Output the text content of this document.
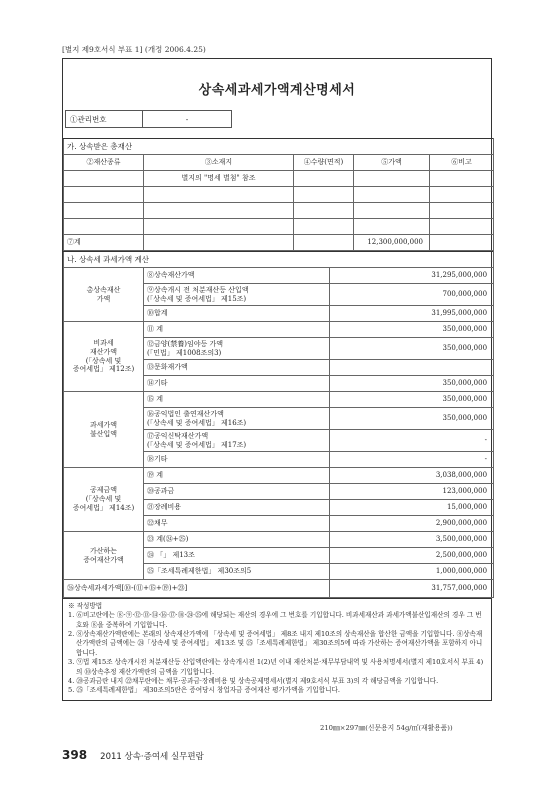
[별지 제9호서식 부표 1] (개정 2006.4.25)
상속세과세가액계산명세서
①관리번호	-	
가. 상속받은 총재산				
②재산종류	③소재지	④수량(면적)	⑤가액	⑥비고
	별지의 "명세 별첨" 참조			

⑦계			12,300,000,000	
나. 상속세 과세가액 계산		
총상속재산
가액	⑧상속재산가액	31,295,000,000
	⑨상속개시 전 처분재산등 산입액
(「상속세 및 증여세법」 제15조)	700,000,000
	⑩합계	31,995,000,000
비과세
재산가액
(「상속세 및
증여세법」 제12조)	⑪ 계	350,000,000
	⑫금양(禁養)임야등 가액
(「민법」 제1008조의3)	350,000,000
	⑬문화재가액	
	⑭기타	350,000,000
과세가액
불산입액	⑮ 계	350,000,000
	⑯공익법인 출연재산가액
(「상속세 및 증여세법」 제16조)	350,000,000
	⑰공익신탁재산가액
(「상속세 및 증여세법」 제17조)	-
	⑱기타	-
공제금액
(「상속세 및
증여세법」 제14조)	⑲ 계	3,038,000,000
	⑳공과금	123,000,000
	㉑장례비용	15,000,000
	㉒채무	2,900,000,000
가산하는
증여재산가액	㉓ 계(㉔+㉕)	3,500,000,000
	㉔ 「」 제13조	2,500,000,000
	㉕「조세특례제한법」 제30조의5	1,000,000,000
㉖상속세과세가액[⑩-(⑪+⑮+⑲)+㉓]		31,757,000,000
※ 작성방법
1. ⑥비고란에는 ⑧·⑨·⑫·⑬·⑭·⑯·⑰·⑱·㉔·㉕에 해당되는 재산의 경우에 그 번호를 기입합니다. 비과세재산과 과세가액불산입재산의 경우 그 번호와 ⑧을 중복하여 기입합니다.
2. ⑧상속재산가액란에는 본래의 상속재산가액에 「상속세 및 증여세법」 제8조 내지 제10조의 상속재산을 합산한 금액을 기입합니다. ⑧상속재산가액란의 금액에는 ㉔「상속세 및 증여세법」 제13조 및 ㉕「조세특례제한법」 제30조의5에 따라 가산하는 증여재산가액을 포함하지 아니합니다.
3. ⑨법 제15조 상속개시전 처분재산등 산입액란에는 상속개시전 1(2)년 이내 재산처분·채무부담내역 및 사용처명세서(별지 제10호서식 부표 4)의 ⑩상속추정 재산가액란의 금액을 기입합니다.
4. ⑳공과금란 내지 ㉒채무란에는 채무·공과금·장례비용 및 상속공제명세서(별지 제9호서식 부표 3)의 각 해당금액을 기입합니다.
5. ㉕「조세특례제한법」 제30조의5란은 증여당시 창업자금 증여재산 평가가액을 기입합니다.
210㎜×297㎜(신문용지 54g/㎡(재활용품))
398 2011 상속·증여세 실무편람
